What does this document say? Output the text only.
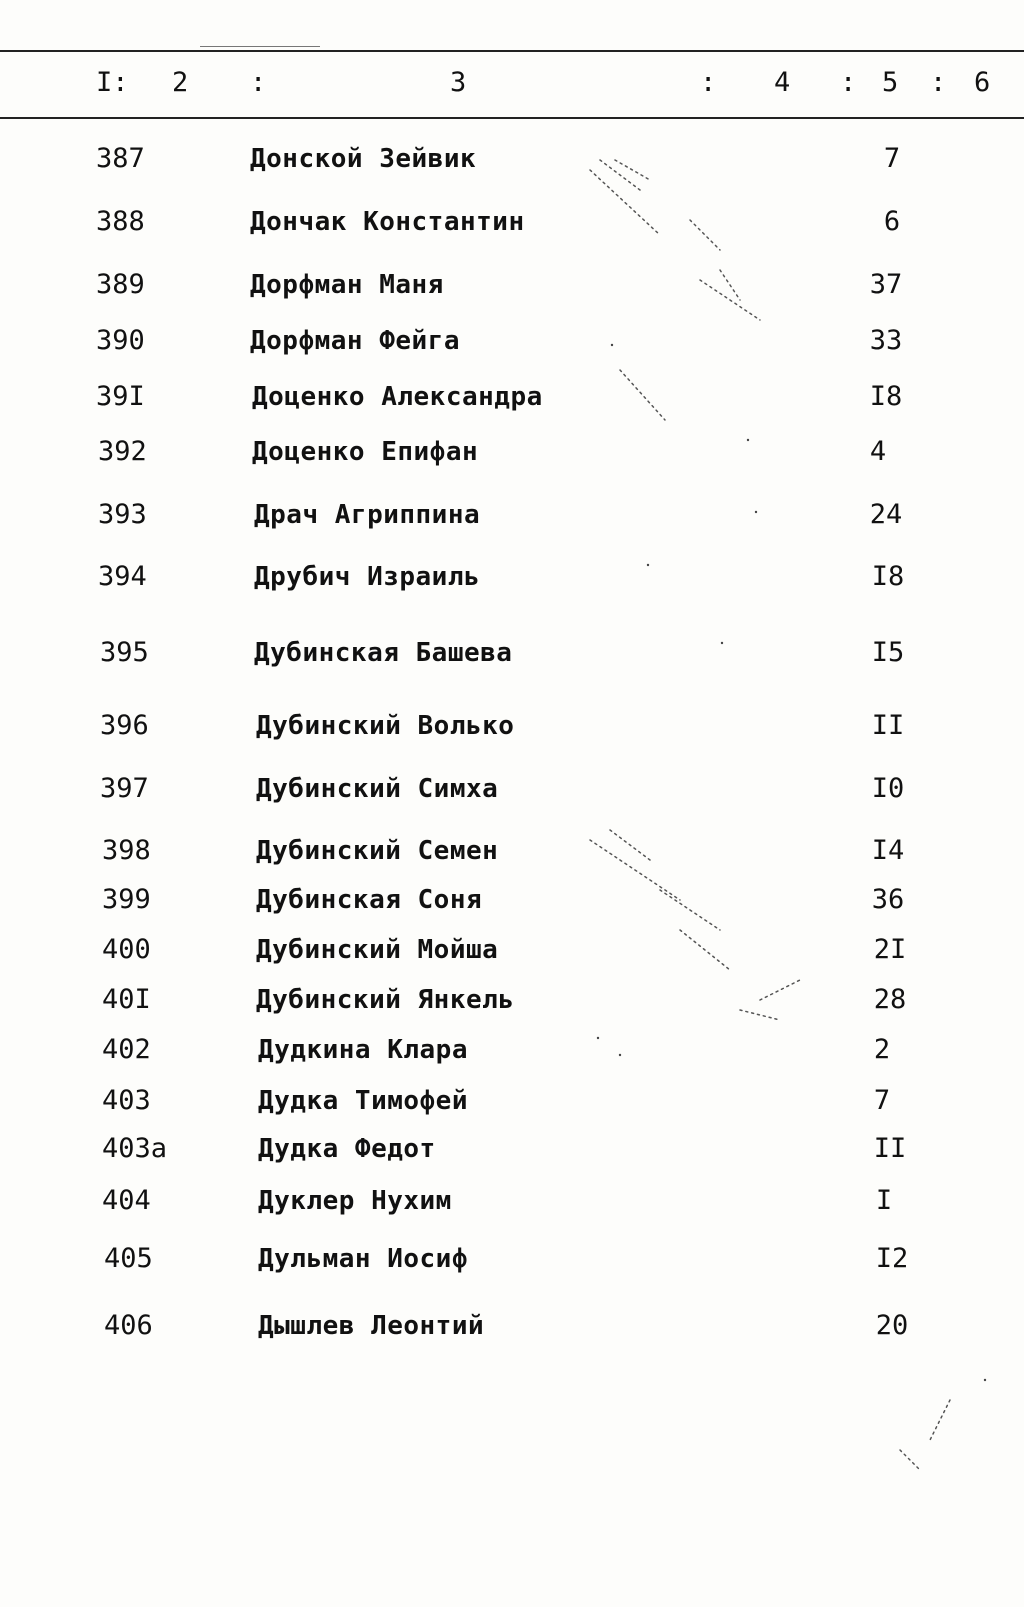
I: 2 :	3	: 4 : 5 : 6
387	Донской Зейвик	7
388	Дончак Константин	6
389	Дорфман Маня	37
390	Дорфман Фейга	33
39I	Доценко Александра	I8
392	Доценко Епифан	4
393	Драч Агриппина	24
394	Друбич Израиль	I8
395	Дубинская Башева	I5
396	Дубинский Волько	II
397	Дубинский Симха	I0
398	Дубинский Семен	I4
399	Дубинская Соня	36
400	Дубинский Мойша	2I
40I	Дубинский Янкель	28
402	Дудкина Клара	2
403	Дудка Тимофей	7
403а	Дудка Федот	II
404	Дуклер Нухим	I
405	Дульман Иосиф	I2
406	Дышлев Леонтий	20
